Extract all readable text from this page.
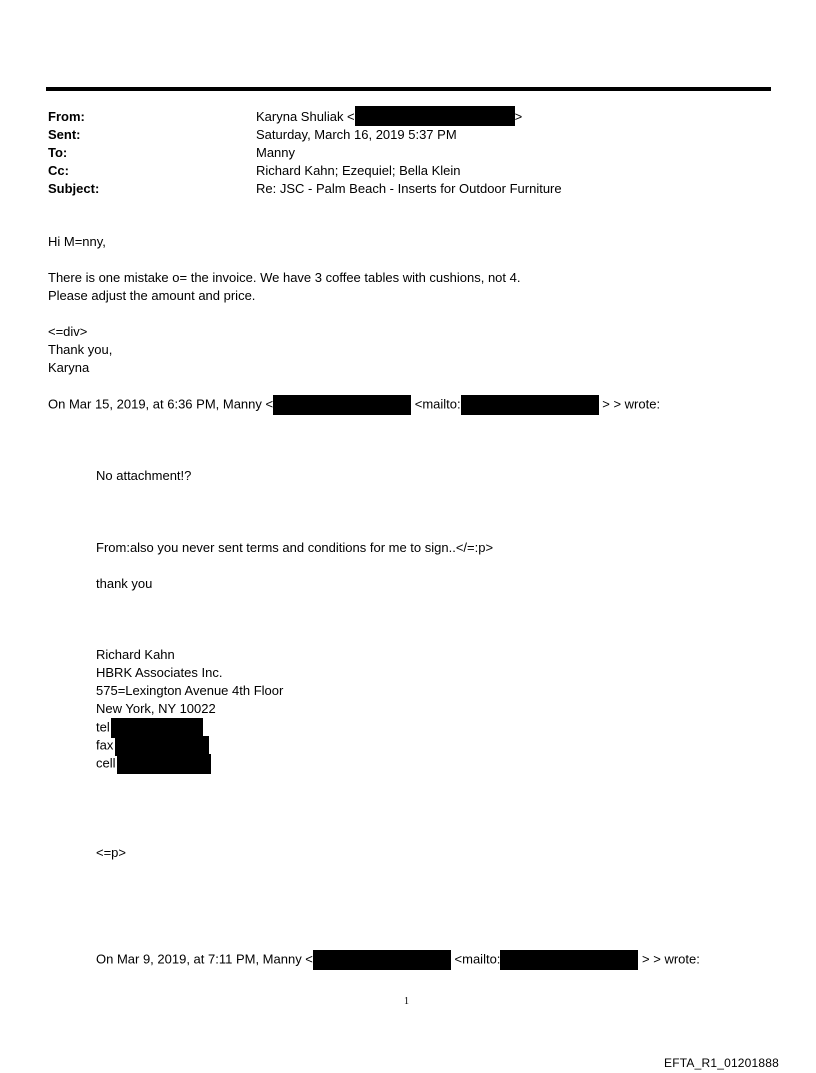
From:	Karyna Shuliak <	>
Sent:	Saturday, March 16, 2019 5:37 PM
To:	Manny
Cc:	Richard Kahn; Ezequiel; Bella Klein
Subject:	Re: JSC - Palm Beach - Inserts for Outdoor Furniture
Hi M=nny,
There is one mistake o= the invoice. We have 3 coffee tables with cushions, not 4.
Please adjust the amount and price.
<=div>
Thank you,
Karyna
On Mar 15, 2019, at 6:36 PM, Manny <	<mailto:	> > wrote:
No attachment!?
From:also you never sent terms and conditions for me to sign..</=:p>
thank you
Richard Kahn
HBRK Associates Inc.
575=Lexington Avenue 4th Floor
New York, NY 10022
tel
fax
cell
<=p>
On Mar 9, 2019, at 7:11 PM, Manny <	<mailto:	> > wrote:
1
EFTA_R1_01201888
